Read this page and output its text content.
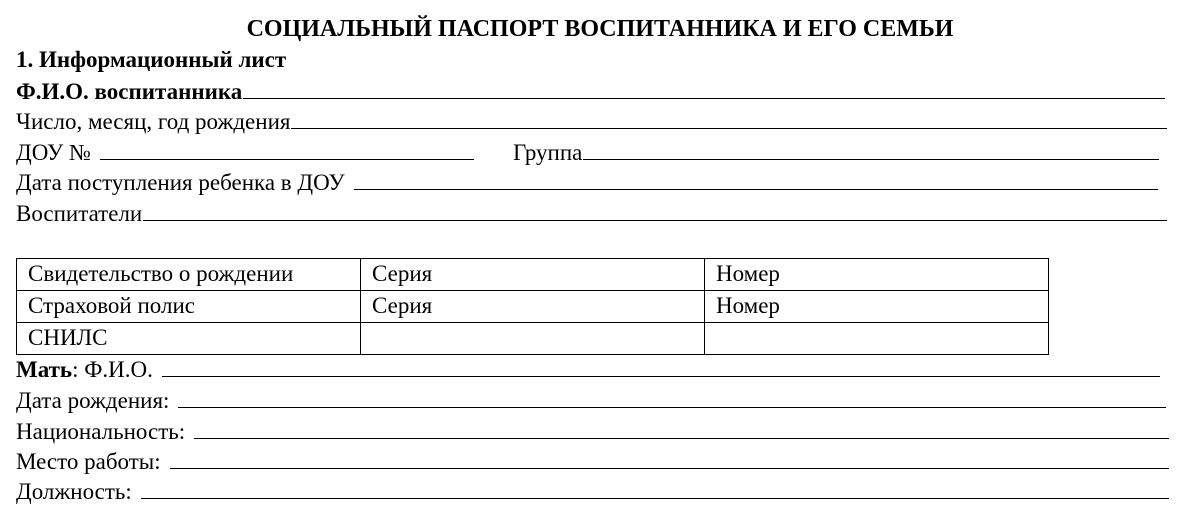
СОЦИАЛЬНЫЙ ПАСПОРТ ВОСПИТАННИКА И ЕГО СЕМЬИ
1. Информационный лист
Ф.И.О. воспитанника
Число, месяц, год рождения
ДОУ №	Группа
Дата поступления ребенка в ДОУ
Воспитатели
Свидетельство о рождении	Серия	Номер
Страховой полис	Серия	Номер
СНИЛС		
Мать : Ф.И.О.
Дата рождения:
Национальность:
Место работы:
Должность:
